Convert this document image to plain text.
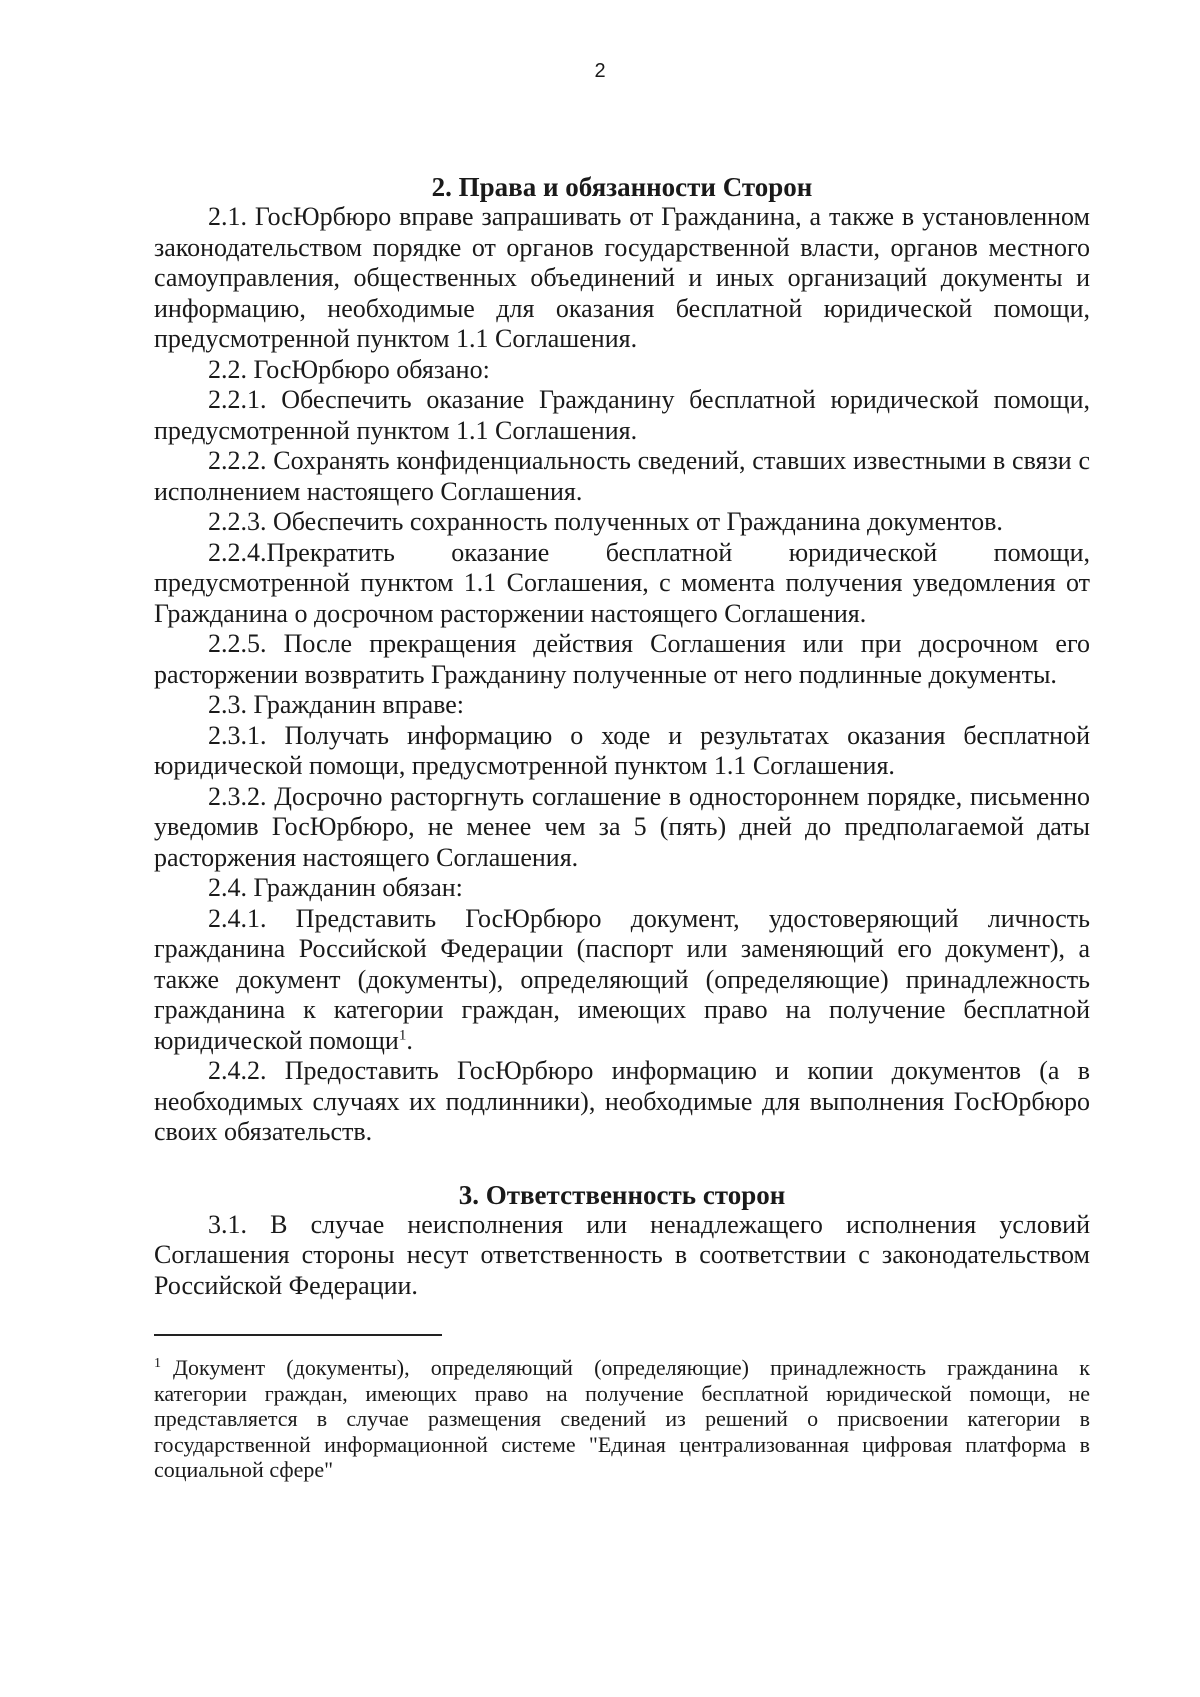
2
2. Права и обязанности Сторон

2.1. ГосЮрбюро вправе запрашивать от Гражданина, а также в установленном законодательством порядке от органов государственной власти, органов местного самоуправления, общественных объединений и иных организаций документы и информацию, необходимые для оказания бесплатной юридической помощи, предусмотренной пунктом 1.1 Соглашения.

2.2. ГосЮрбюро обязано:

2.2.1. Обеспечить оказание Гражданину бесплатной юридической помощи, предусмотренной пунктом 1.1 Соглашения.

2.2.2. Сохранять конфиденциальность сведений, ставших известными в связи с исполнением настоящего Соглашения.

2.2.3. Обеспечить сохранность полученных от Гражданина документов.

2.2.4.Прекратить оказание бесплатной юридической помощи, предусмотренной пунктом 1.1 Соглашения, с момента получения уведомления от Гражданина о досрочном расторжении настоящего Соглашения.

2.2.5. После прекращения действия Соглашения или при досрочном его расторжении возвратить Гражданину полученные от него подлинные документы.

2.3. Гражданин вправе:

2.3.1. Получать информацию о ходе и результатах оказания бесплатной юридической помощи, предусмотренной пунктом 1.1 Соглашения.

2.3.2. Досрочно расторгнуть соглашение в одностороннем порядке, письменно уведомив ГосЮрбюро, не менее чем за 5 (пять) дней до предполагаемой даты расторжения настоящего Соглашения.

2.4. Гражданин обязан:

2.4.1. Представить ГосЮрбюро документ, удостоверяющий личность гражданина Российской Федерации (паспорт или заменяющий его документ), а также документ (документы), определяющий (определяющие) принадлежность гражданина к категории граждан, имеющих право на получение бесплатной юридической помощи$^1$.

2.4.2. Предоставить ГосЮрбюро информацию и копии документов (а в необходимых случаях их подлинники), необходимые для выполнения ГосЮрбюро своих обязательств.

3. Ответственность сторон

3.1. В случае неисполнения или ненадлежащего исполнения условий Соглашения стороны несут ответственность в соответствии с законодательством Российской Федерации.

$^1$ Документ (документы), определяющий (определяющие) принадлежность гражданина к категории граждан, имеющих право на получение бесплатной юридической помощи, не представляется в случае размещения сведений из решений о присвоении категории в государственной информационной системе "Единая централизованная цифровая платформа в социальной сфере"
